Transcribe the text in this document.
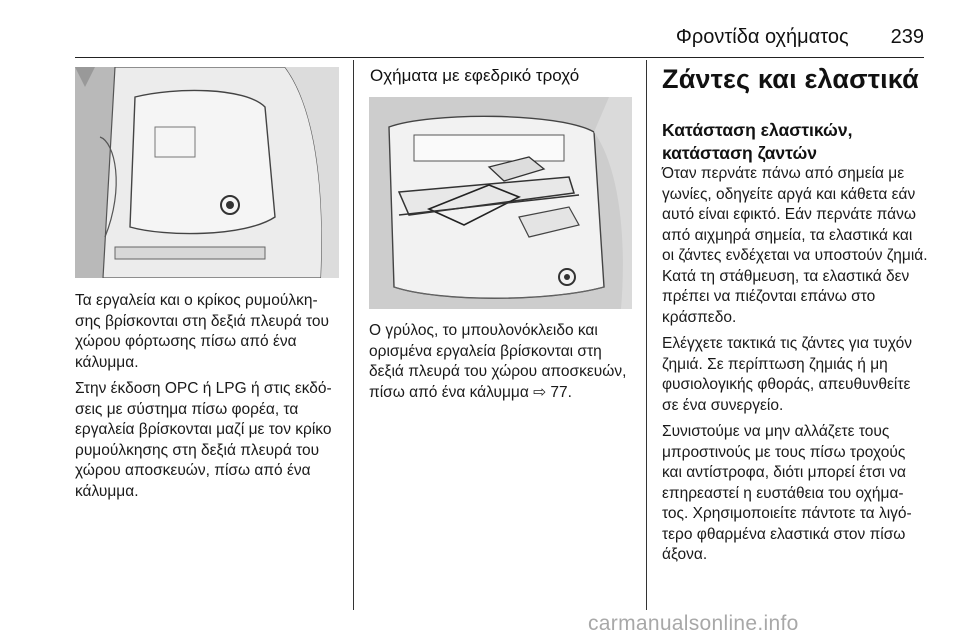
Φροντίδα οχήματος 239

Τα εργαλεία και ο κρίκος ρυμούλκη‐σης βρίσκονται στη δεξιά πλευρά του χώρου φόρτωσης πίσω από ένα κάλυμμα.

Στην έκδοση OPC ή LPG ή στις εκδό‐σεις με σύστημα πίσω φορέα, τα εργαλεία βρίσκονται μαζί με τον κρίκο ρυμούλκησης στη δεξιά πλευρά του χώρου αποσκευών, πίσω από ένα κάλυμμα.

Οχήματα με εφεδρικό τροχό

Ο γρύλος, το μπουλονόκλειδο και ορισμένα εργαλεία βρίσκονται στη δεξιά πλευρά του χώρου αποσκευών, πίσω από ένα κάλυμμα ⇨ 77.

Ζάντες και ελαστικά
Κατάσταση ελαστικών, κατάσταση ζαντών

Όταν περνάτε πάνω από σημεία με γωνίες, οδηγείτε αργά και κάθετα εάν αυτό είναι εφικτό. Εάν περνάτε πάνω από αιχμηρά σημεία, τα ελαστικά και οι ζάντες ενδέχεται να υποστούν ζημιά. Κατά τη στάθμευση, τα ελαστικά δεν πρέπει να πιέζονται επάνω στο κράσπεδο.

Ελέγχετε τακτικά τις ζάντες για τυχόν ζημιά. Σε περίπτωση ζημιάς ή μη φυσιολογικής φθοράς, απευθυνθείτε σε ένα συνεργείο.

Συνιστούμε να μην αλλάζετε τους μπροστινούς με τους πίσω τροχούς και αντίστροφα, διότι μπορεί έτσι να επηρεαστεί η ευστάθεια του οχήμα‐τος. Χρησιμοποιείτε πάντοτε τα λιγό‐τερο φθαρμένα ελαστικά στον πίσω άξονα.

carmanualsonline.info
